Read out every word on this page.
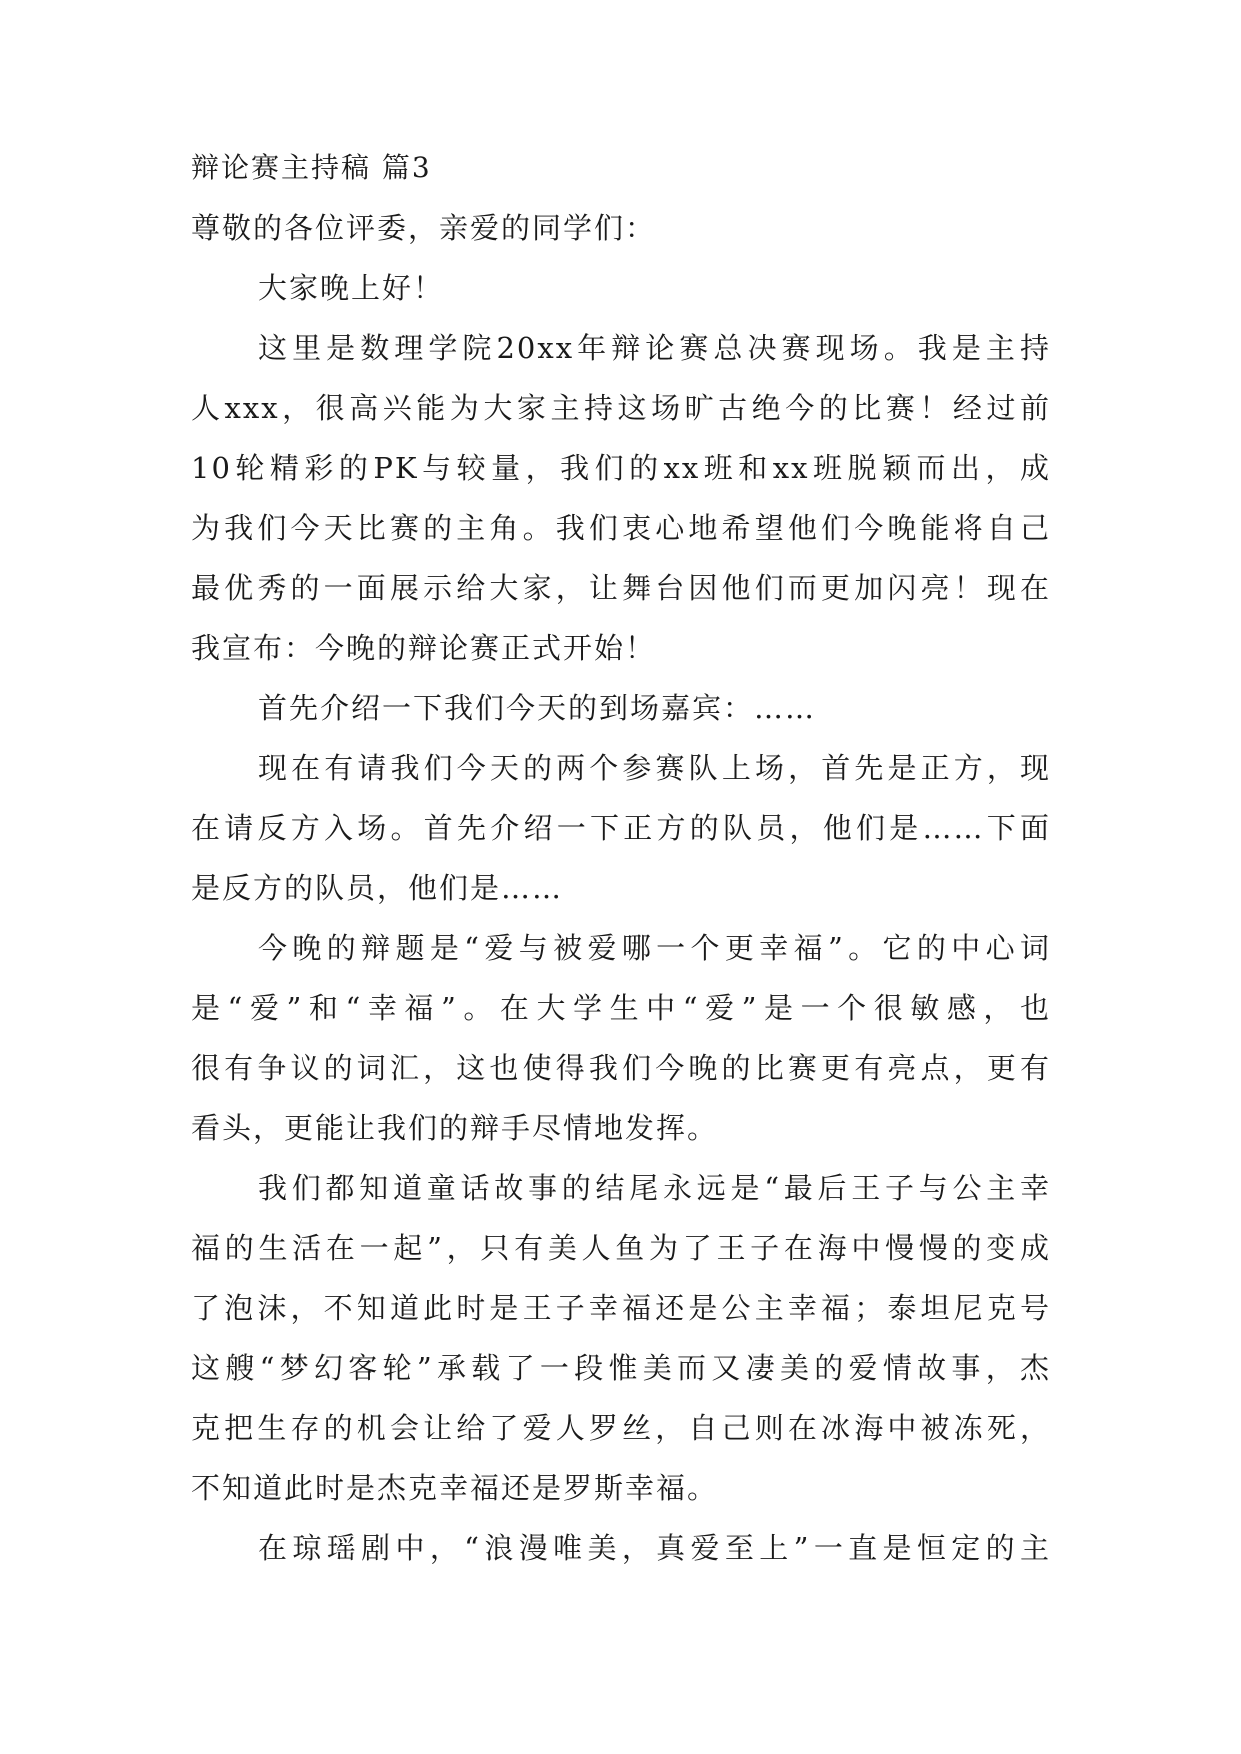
辩论赛主持稿 篇3
尊敬的各位评委，亲爱的同学们：
大家晚上好！
这里是数理学院20xx年辩论赛总决赛现场。我是主持
人xxx，很高兴能为大家主持这场旷古绝今的比赛！经过前
10轮精彩的PK与较量，我们的xx班和xx班脱颖而出，成
为我们今天比赛的主角。我们衷心地希望他们今晚能将自己
最优秀的一面展示给大家，让舞台因他们而更加闪亮！现在
我宣布：今晚的辩论赛正式开始！
首先介绍一下我们今天的到场嘉宾：……
现在有请我们今天的两个参赛队上场，首先是正方，现
在请反方入场。首先介绍一下正方的队员，他们是……下面
是反方的队员，他们是……
今晚的辩题是“爱与被爱哪一个更幸福”。它的中心词
是“爱”和“幸福”。在大学生中“爱”是一个很敏感，也
很有争议的词汇，这也使得我们今晚的比赛更有亮点，更有
看头，更能让我们的辩手尽情地发挥。
我们都知道童话故事的结尾永远是“最后王子与公主幸
福的生活在一起”，只有美人鱼为了王子在海中慢慢的变成
了泡沫，不知道此时是王子幸福还是公主幸福；泰坦尼克号
这艘“梦幻客轮”承载了一段惟美而又凄美的爱情故事，杰
克把生存的机会让给了爱人罗丝，自己则在冰海中被冻死，
不知道此时是杰克幸福还是罗斯幸福。
在琼瑶剧中，“浪漫唯美，真爱至上”一直是恒定的主
